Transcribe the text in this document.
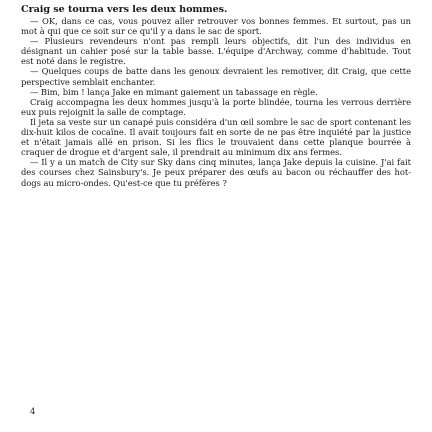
Craig se tourna vers les deux hommes.

— OK, dans ce cas, vous pouvez aller retrouver vos bonnes femmes. Et surtout, pas un mot à qui que ce soit sur ce qu'il y a dans le sac de sport.

— Plusieurs revendeurs n'ont pas rempli leurs objectifs, dit l'un des individus en désignant un cahier posé sur la table basse. L'équipe d'Archway, comme d'habitude. Tout est noté dans le registre.

— Quelques coups de batte dans les genoux devraient les remotiver, dit Craig, que cette perspective semblait enchanter.

— Bim, bim ! lança Jake en mimant gaiement un tabassage en règle.

Craig accompagna les deux hommes jusqu'à la porte blindée, tourna les verrous derrière eux puis rejoignit la salle de comptage.

Il jeta sa veste sur un canapé puis considéra d'un œil sombre le sac de sport contenant les dix-huit kilos de cocaïne. Il avait toujours fait en sorte de ne pas être inquiété par la justice et n'était jamais allé en prison. Si les flics le trouvaient dans cette planque bourrée à craquer de drogue et d'argent sale, il prendrait au minimum dix ans fermes.

— Il y a un match de City sur Sky dans cinq minutes, lança Jake depuis la cuisine. J'ai fait des courses chez Sainsbury's. Je peux préparer des œufs au bacon ou réchauffer des hot-dogs au micro-ondes. Qu'est-ce que tu préfères ?

4
